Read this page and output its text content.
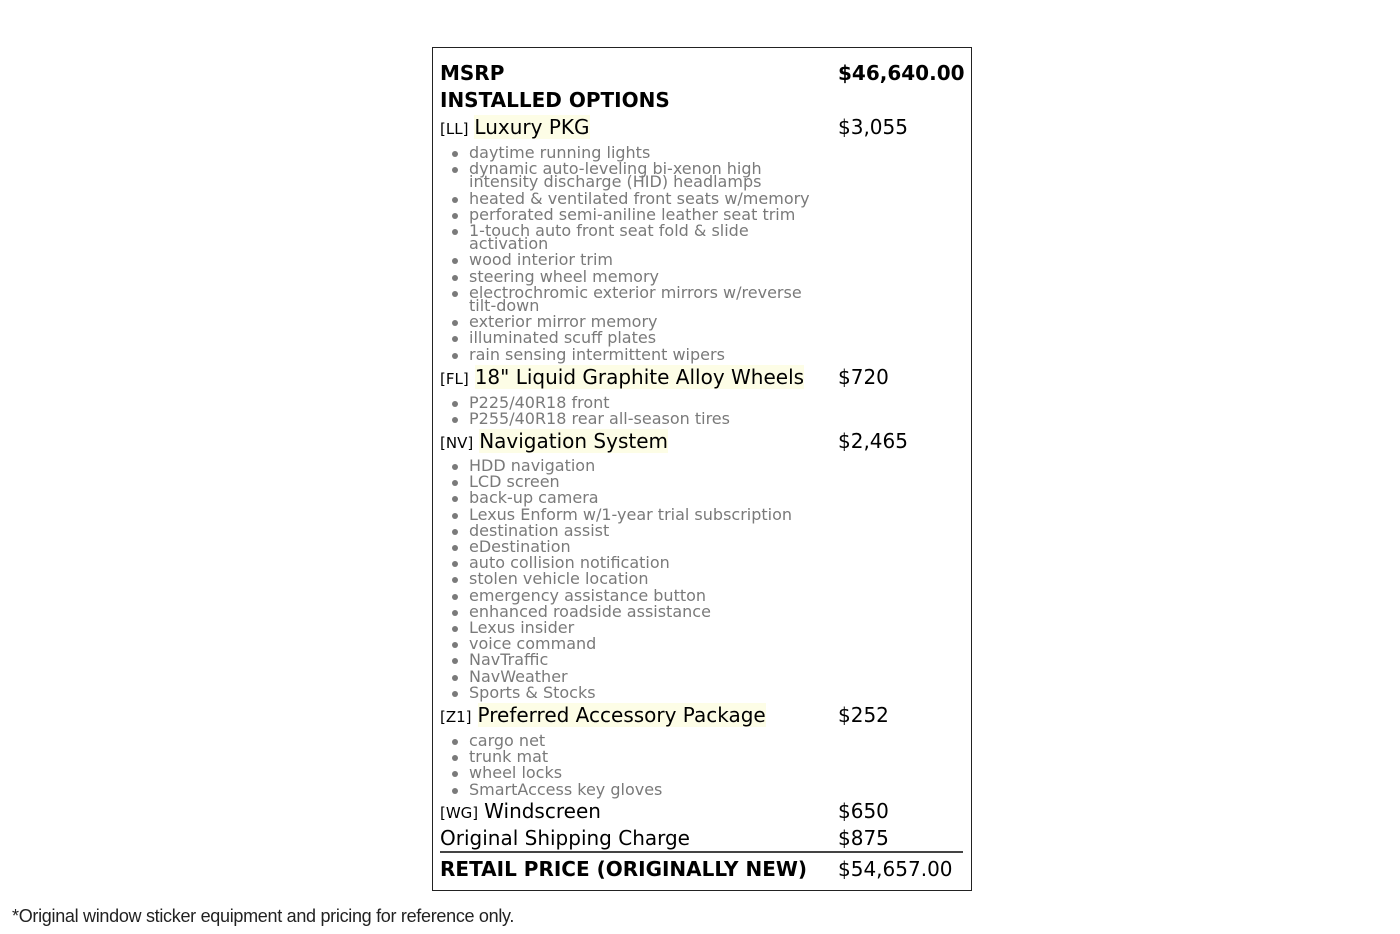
MSRP	$46,640.00
INSTALLED OPTIONS
[LL] Luxury PKG	$3,055
daytime running lights
dynamic auto-leveling bi-xenon high intensity discharge (HID) headlamps
heated & ventilated front seats w/memory
perforated semi-aniline leather seat trim
1-touch auto front seat fold & slide activation
wood interior trim
steering wheel memory
electrochromic exterior mirrors w/reverse tilt-down
exterior mirror memory
illuminated scuff plates
rain sensing intermittent wipers
[FL] 18" Liquid Graphite Alloy Wheels	$720
P225/40R18 front
P255/40R18 rear all-season tires
[NV] Navigation System	$2,465
HDD navigation
LCD screen
back-up camera
Lexus Enform w/1-year trial subscription
destination assist
eDestination
auto collision notification
stolen vehicle location
emergency assistance button
enhanced roadside assistance
Lexus insider
voice command
NavTraffic
NavWeather
Sports & Stocks
[Z1] Preferred Accessory Package	$252
cargo net
trunk mat
wheel locks
SmartAccess key gloves
[WG] Windscreen	$650
Original Shipping Charge	$875
RETAIL PRICE (ORIGINALLY NEW)	$54,657.00
*Original window sticker equipment and pricing for reference only.
